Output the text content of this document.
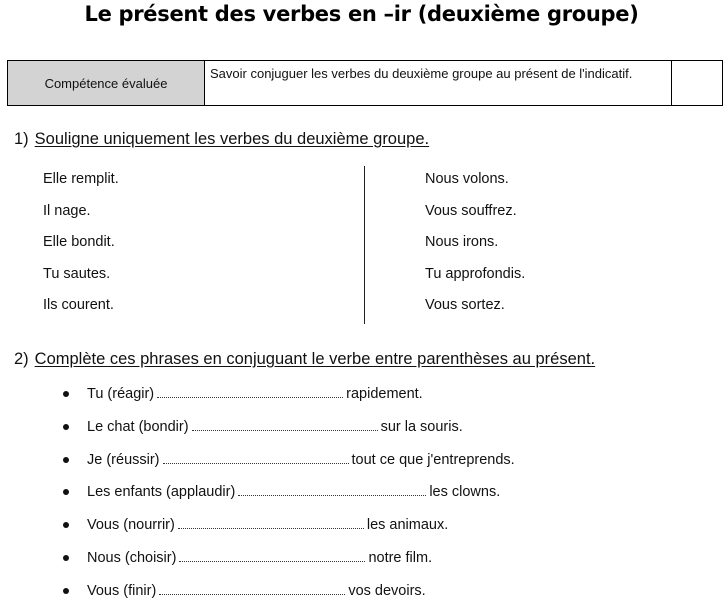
Le présent des verbes en –ir (deuxième groupe)
Compétence évaluée	Savoir conjuguer les verbes du deuxième groupe au présent de l'indicatif.	
1) Souligne uniquement les verbes du deuxième groupe.
Elle remplit.
Il nage.
Elle bondit.
Tu sautes.
Ils courent.
Nous volons.
Vous souffrez.
Nous irons.
Tu approfondis.
Vous sortez.
2) Complète ces phrases en conjuguant le verbe entre parenthèses au présent.
Tu (réagir)	rapidement.
Le chat (bondir)	sur la souris.
Je (réussir)	tout ce que j'entreprends.
Les enfants (applaudir)	les clowns.
Vous (nourrir)	les animaux.
Nous (choisir)	notre film.
Vous (finir)	vos devoirs.
